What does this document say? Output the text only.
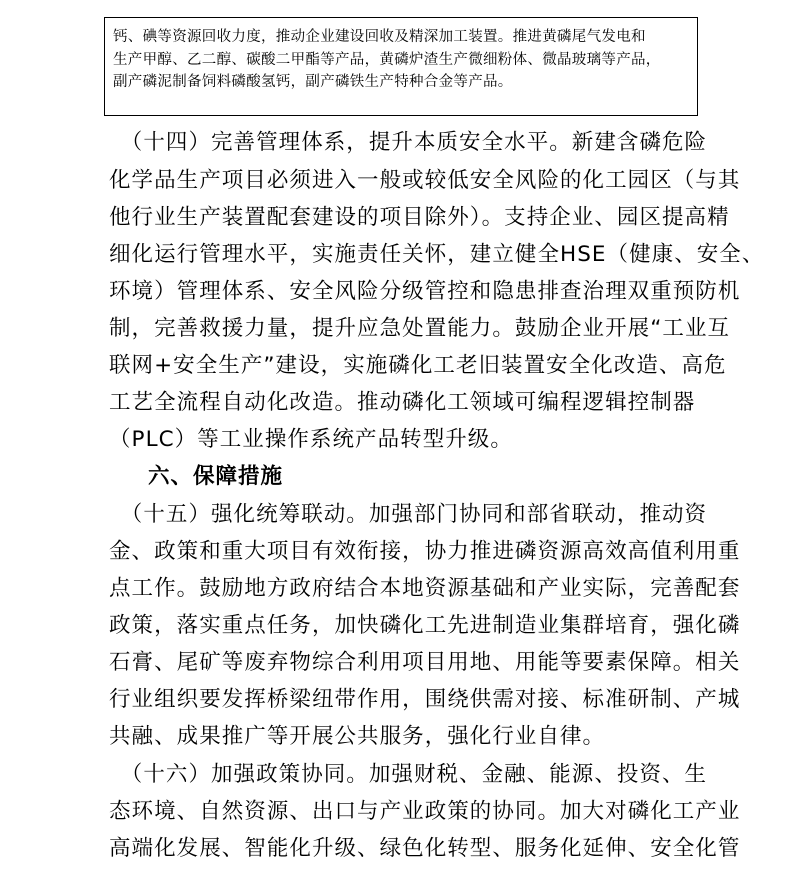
钙、碘等资源回收力度，推动企业建设回收及精深加工装置。推进黄磷尾气发电和

生产甲醇、乙二醇、碳酸二甲酯等产品，黄磷炉渣生产微细粉体、微晶玻璃等产品，

副产磷泥制备饲料磷酸氢钙，副产磷铁生产特种合金等产品。

　（十四）完善管理体系，提升本质安全水平。新建含磷危险

化学品生产项目必须进入一般或较低安全风险的化工园区（与其

他行业生产装置配套建设的项目除外）。支持企业、园区提高精

细化运行管理水平，实施责任关怀，建立健全HSE（健康、安全、

环境）管理体系、安全风险分级管控和隐患排查治理双重预防机

制，完善救援力量，提升应急处置能力。鼓励企业开展“工业互

联网+安全生产”建设，实施磷化工老旧装置安全化改造、高危

工艺全流程自动化改造。推动磷化工领域可编程逻辑控制器

（PLC）等工业操作系统产品转型升级。

六、保障措施

　（十五）强化统筹联动。加强部门协同和部省联动，推动资

金、政策和重大项目有效衔接，协力推进磷资源高效高值利用重

点工作。鼓励地方政府结合本地资源基础和产业实际，完善配套

政策，落实重点任务，加快磷化工先进制造业集群培育，强化磷

石膏、尾矿等废弃物综合利用项目用地、用能等要素保障。相关

行业组织要发挥桥梁纽带作用，围绕供需对接、标准研制、产城

共融、成果推广等开展公共服务，强化行业自律。

　（十六）加强政策协同。加强财税、金融、能源、投资、生

态环境、自然资源、出口与产业政策的协同。加大对磷化工产业

高端化发展、智能化升级、绿色化转型、服务化延伸、安全化管
